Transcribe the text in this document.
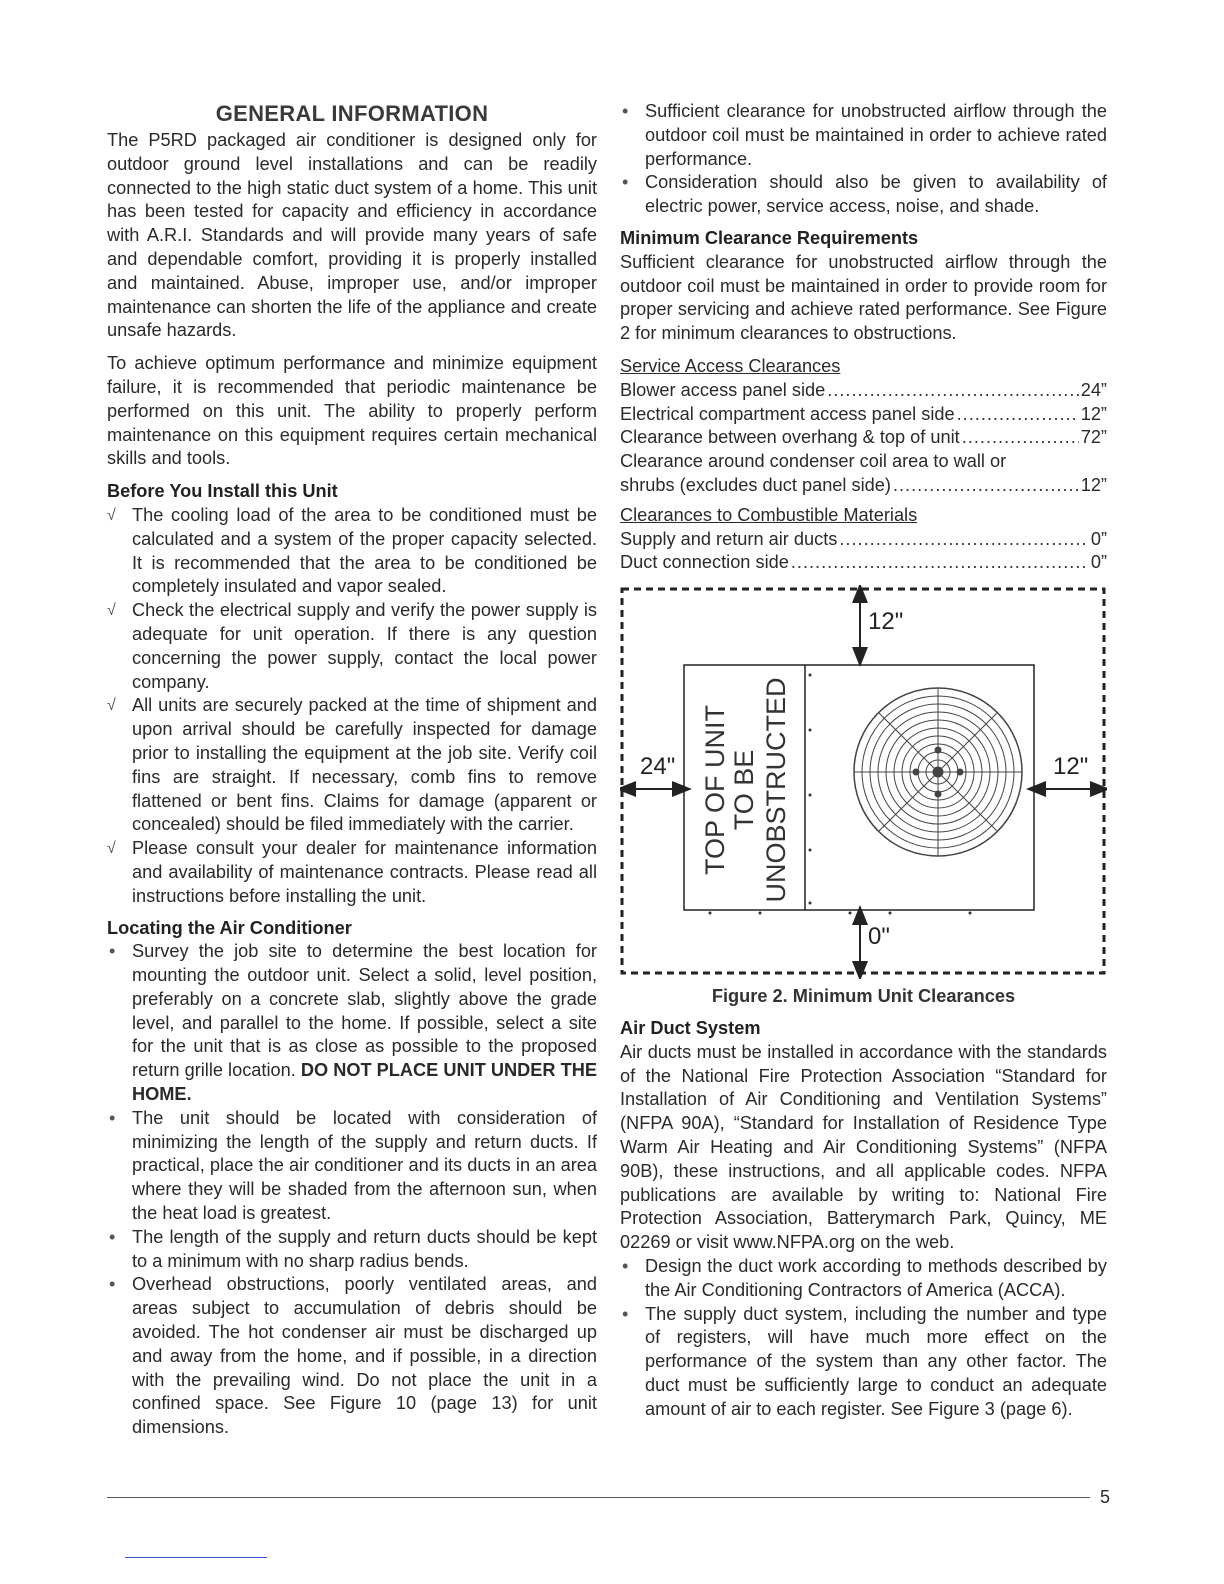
GENERAL INFORMATION

The P5RD packaged air conditioner is designed only for outdoor ground level installations and can be readily connected to the high static duct system of a home. This unit has been tested for capacity and efficiency in accordance with A.R.I. Standards and will provide many years of safe and dependable comfort, providing it is properly installed and maintained. Abuse, improper use, and/or improper maintenance can shorten the life of the appliance and create unsafe hazards.

To achieve optimum performance and minimize equipment failure, it is recommended that periodic maintenance be performed on this unit. The ability to properly perform maintenance on this equipment requires certain mechanical skills and tools.

Before You Install this Unit
√ The cooling load of the area to be conditioned must be calculated and a system of the proper capacity selected. It is recommended that the area to be conditioned be completely insulated and vapor sealed.
√ Check the electrical supply and verify the power supply is adequate for unit operation. If there is any question concerning the power supply, contact the local power company.
√ All units are securely packed at the time of shipment and upon arrival should be carefully inspected for damage prior to installing the equipment at the job site. Verify coil fins are straight. If necessary, comb fins to remove flattened or bent fins. Claims for damage (apparent or concealed) should be filed immediately with the carrier.
√ Please consult your dealer for maintenance information and availability of maintenance contracts. Please read all instructions before installing the unit.
Locating the Air Conditioner
• Survey the job site to determine the best location for mounting the outdoor unit. Select a solid, level position, preferably on a concrete slab, slightly above the grade level, and parallel to the home. If possible, select a site for the unit that is as close as possible to the proposed return grille location. DO NOT PLACE UNIT UNDER THE HOME.
• The unit should be located with consideration of minimizing the length of the supply and return ducts. If practical, place the air conditioner and its ducts in an area where they will be shaded from the afternoon sun, when the heat load is greatest.
• The length of the supply and return ducts should be kept to a minimum with no sharp radius bends.
• Overhead obstructions, poorly ventilated areas, and areas subject to accumulation of debris should be avoided. The hot condenser air must be discharged up and away from the home, and if possible, in a direction with the prevailing wind. Do not place the unit in a confined space. See Figure 10 (page 13) for unit dimensions.
• Sufficient clearance for unobstructed airflow through the outdoor coil must be maintained in order to achieve rated performance.
• Consideration should also be given to availability of electric power, service access, noise, and shade.
Minimum Clearance Requirements

Sufficient clearance for unobstructed airflow through the outdoor coil must be maintained in order to provide room for proper servicing and achieve rated performance. See Figure 2 for minimum clearances to obstructions.

Service Access Clearances
Blower access panel side .....	24”
Electrical compartment access panel side .....	12”
Clearance between overhang & top of unit .....	72”
Clearance around condenser coil area to wall or
shrubs (excludes duct panel side) .....	12”
Clearances to Combustible Materials
Supply and return air ducts .....	0”
Duct connection side .....	0”
TOP OF UNIT TO BE UNOBSTRUCTED
12"
24"	12"
0"
Figure 2. Minimum Unit Clearances
Air Duct System

Air ducts must be installed in accordance with the standards of the National Fire Protection Association “Standard for Installation of Air Conditioning and Ventilation Systems” (NFPA 90A), “Standard for Installation of Residence Type Warm Air Heating and Air Conditioning Systems” (NFPA 90B), these instructions, and all applicable codes. NFPA publications are available by writing to: National Fire Protection Association, Batterymarch Park, Quincy, ME 02269 or visit www.NFPA.org on the web.

• Design the duct work according to methods described by the Air Conditioning Contractors of America (ACCA).
• The supply duct system, including the number and type of registers, will have much more effect on the performance of the system than any other factor. The duct must be sufficiently large to conduct an adequate amount of air to each register. See Figure 3 (page 6).
5
